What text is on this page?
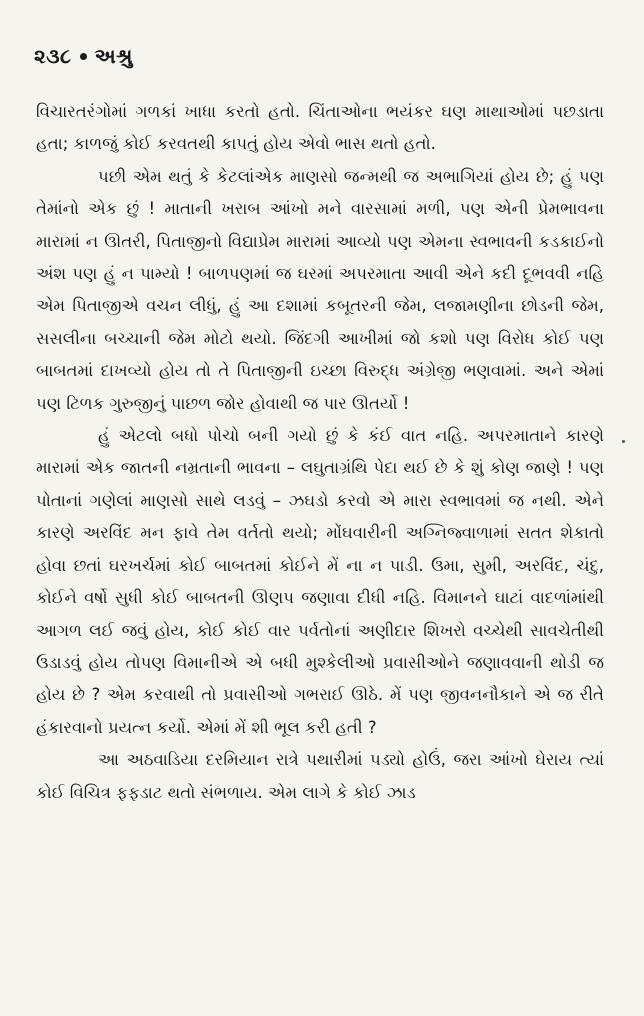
૨૩૮ અશ્રુ

વિચારતરંગોમાં ગળકાં ખાધા કરતો હતો. ચિંતાઓના ભયંકર ઘણ માથાઓમાં પછડાતા હતા; કાળજું કોઈ કરવતથી કાપતું હોય એવો ભાસ થતો હતો.

પછી એમ થતું કે કેટલાંએક માણસો જન્મથી જ અભાગિયાં હોય છે; હું પણ તેમાંનો એક છું ! માતાની ખરાબ આંખો મને વારસામાં મળી, પણ એની પ્રેમભાવના મારામાં ન ઊતરી, પિતાજીનો વિદ્યાપ્રેમ મારામાં આવ્યો પણ એમના સ્વભાવની કડકાઈનો અંશ પણ હું ન પામ્યો ! બાળપણમાં જ ઘરમાં અપરમાતા આવી એને કદી દૂભવવી નહિ એમ પિતાજીએ વચન લીધું, હું આ દશામાં કબૂતરની જેમ, લજામણીના છોડની જેમ, સસલીના બચ્ચાની જેમ મોટો થયો. જિંદગી આખીમાં જો કશો પણ વિરોધ કોઈ પણ બાબતમાં દાખવ્યો હોય તો તે પિતાજીની ઇચ્છા વિરુદ્ધ અંગ્રેજી ભણવામાં. અને એમાં પણ ટિળક ગુરુજીનું પાછળ જોર હોવાથી જ પાર ઊતર્યો !

હું એટલો બધો પોચો બની ગયો છું કે કંઈ વાત નહિ. અપરમાતાને કારણે મારામાં એક જાતની નમ્રતાની ભાવના – લઘુતાગ્રંથિ પેદા થઈ છે કે શું કોણ જાણે ! પણ પોતાનાં ગણેલાં માણસો સાથે લડવું – ઝઘડો કરવો એ મારા સ્વભાવમાં જ નથી. એને કારણે અરવિંદ મન ફાવે તેમ વર્તતો થયો; મોંઘવારીની અગ્નિજ્વાળામાં સતત શેકાતો હોવા છતાં ઘરખર્ચમાં કોઈ બાબતમાં કોઈને મેં ના ન પાડી. ઉમા, સુમી, અરવિંદ, ચંદુ, કોઈને વર્ષો સુધી કોઈ બાબતની ઊણપ જણાવા દીધી નહિ. વિમાનને ઘાટાં વાદળાંમાંથી આગળ લઈ જવું હોય, કોઈ કોઈ વાર પર્વતોનાં અણીદાર શિખરો વચ્ચેથી સાવચેતીથી ઉડાડવું હોય તોપણ વિમાનીએ એ બધી મુશ્કેલીઓ પ્રવાસીઓને જણાવવાની થોડી જ હોય છે ? એમ કરવાથી તો પ્રવાસીઓ ગભરાઈ ઊઠે. મેં પણ જીવનનૌકાને એ જ રીતે હંકારવાનો પ્રયત્ન કર્યો. એમાં મેં શી ભૂલ કરી હતી ?

આ અઠવાડિયા દરમિયાન રાત્રે પથારીમાં પડ્યો હોઉં, જરા આંખો ઘેરાય ત્યાં કોઈ વિચિત્ર ફફડાટ થતો સંભળાય. એમ લાગે કે કોઈ ઝાડ
